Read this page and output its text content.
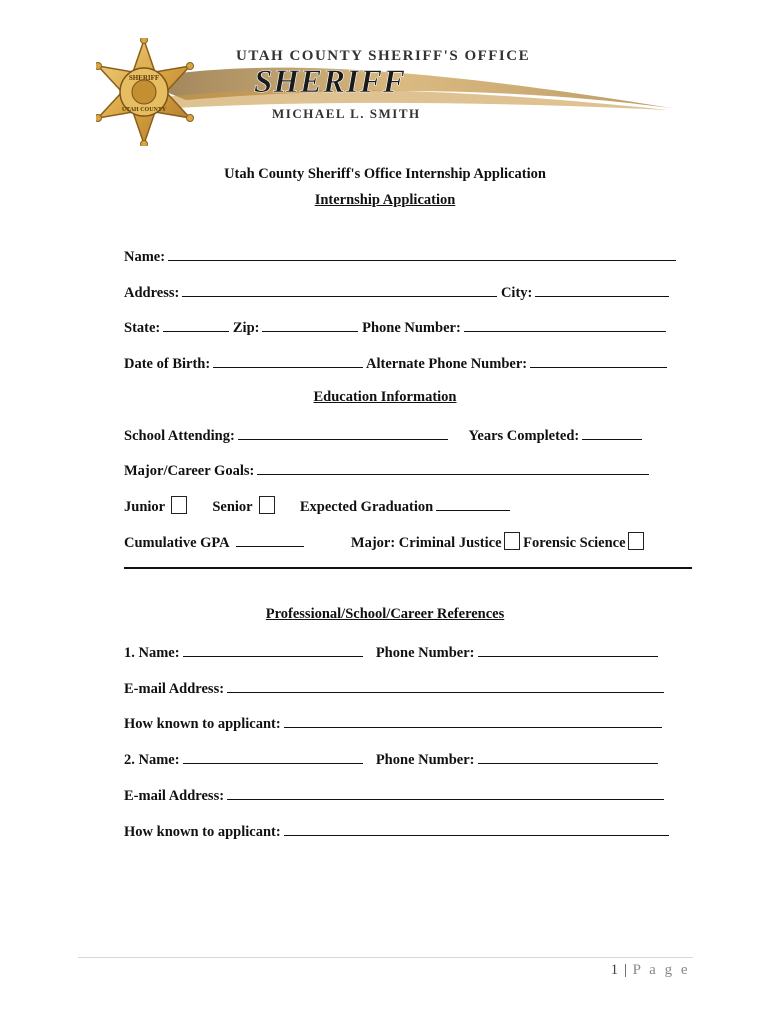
SHERIFF
UTAH COUNTY
UTAH COUNTY SHERIFF'S OFFICE
SHERIFF
MICHAEL L. SMITH
Utah County Sheriff's Office Internship Application
Internship Application
Name:
Address:	City:
State:	Zip:	Phone Number:
Date of Birth:	Alternate Phone Number:
Education Information
School Attending:	Years Completed:
Major/Career Goals:
Junior	Senior	Expected Graduation
Cumulative GPA	Major: Criminal Justice Forensic Science
Professional/School/Career References
1. Name:	Phone Number:
E-mail Address:
How known to applicant:
2. Name:	Phone Number:
E-mail Address:
How known to applicant:
1 | P a g e
